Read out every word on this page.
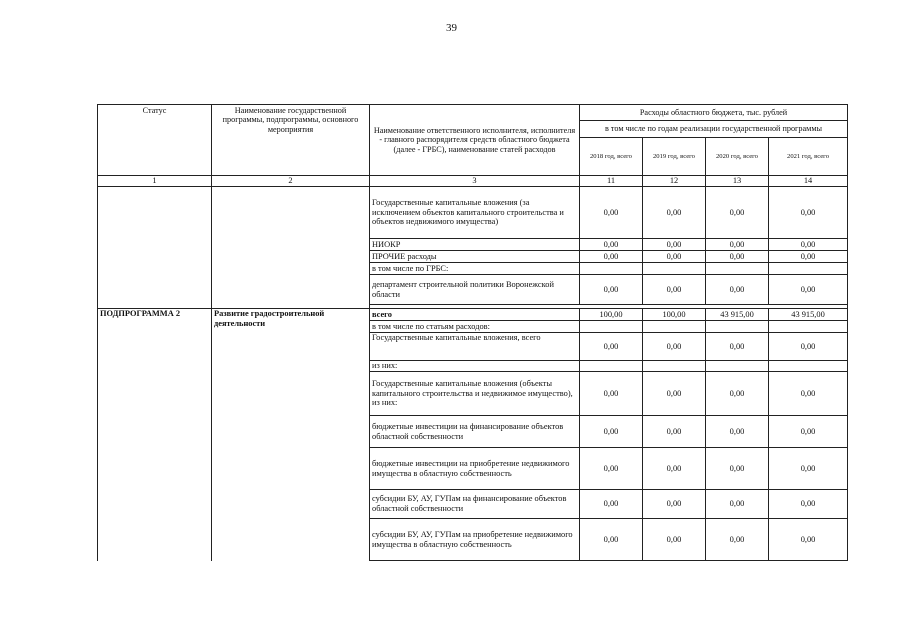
39
Статус	Наименование государственной программы, подпрограммы, основного мероприятия	Наименование ответственного исполнителя, исполнителя - главного распорядителя средств областного бюджета (далее - ГРБС), наименование статей расходов	Расходы областного бюджета, тыс. рублей			
			в том числе по годам реализации государственной программы			
			2018 год, всего	2019 год, всего	2020 год, всего	2021 год, всего
1	2	3	11	12	13	14
		Государственные капитальные вложения (за исключением объектов капитального строительства и объектов недвижимого имущества)	0,00	0,00	0,00	0,00
		НИОКР	0,00	0,00	0,00	0,00
		ПРОЧИЕ расходы	0,00	0,00	0,00	0,00
		в том числе по ГРБС:				
		департамент строительной политики Воронежской области	0,00	0,00	0,00	0,00

ПОДПРОГРАММА 2	Развитие градостроительной деятельности	всего	100,00	100,00	43 915,00	43 915,00
		в том числе по статьям расходов:				
		Государственные капитальные вложения, всего	0,00	0,00	0,00	0,00
		из них:				
		Государственные капитальные вложения (объекты капитального строительства и недвижимое имущество), из них:	0,00	0,00	0,00	0,00
		бюджетные инвестиции на финансирование объектов областной собственности	0,00	0,00	0,00	0,00
		бюджетные инвестиции на приобретение недвижимого имущества в областную собственность	0,00	0,00	0,00	0,00
		субсидии БУ, АУ, ГУПам на финансирование объектов областной собственности	0,00	0,00	0,00	0,00
		субсидии БУ, АУ, ГУПам на приобретение недвижимого имущества в областную собственность	0,00	0,00	0,00	0,00
